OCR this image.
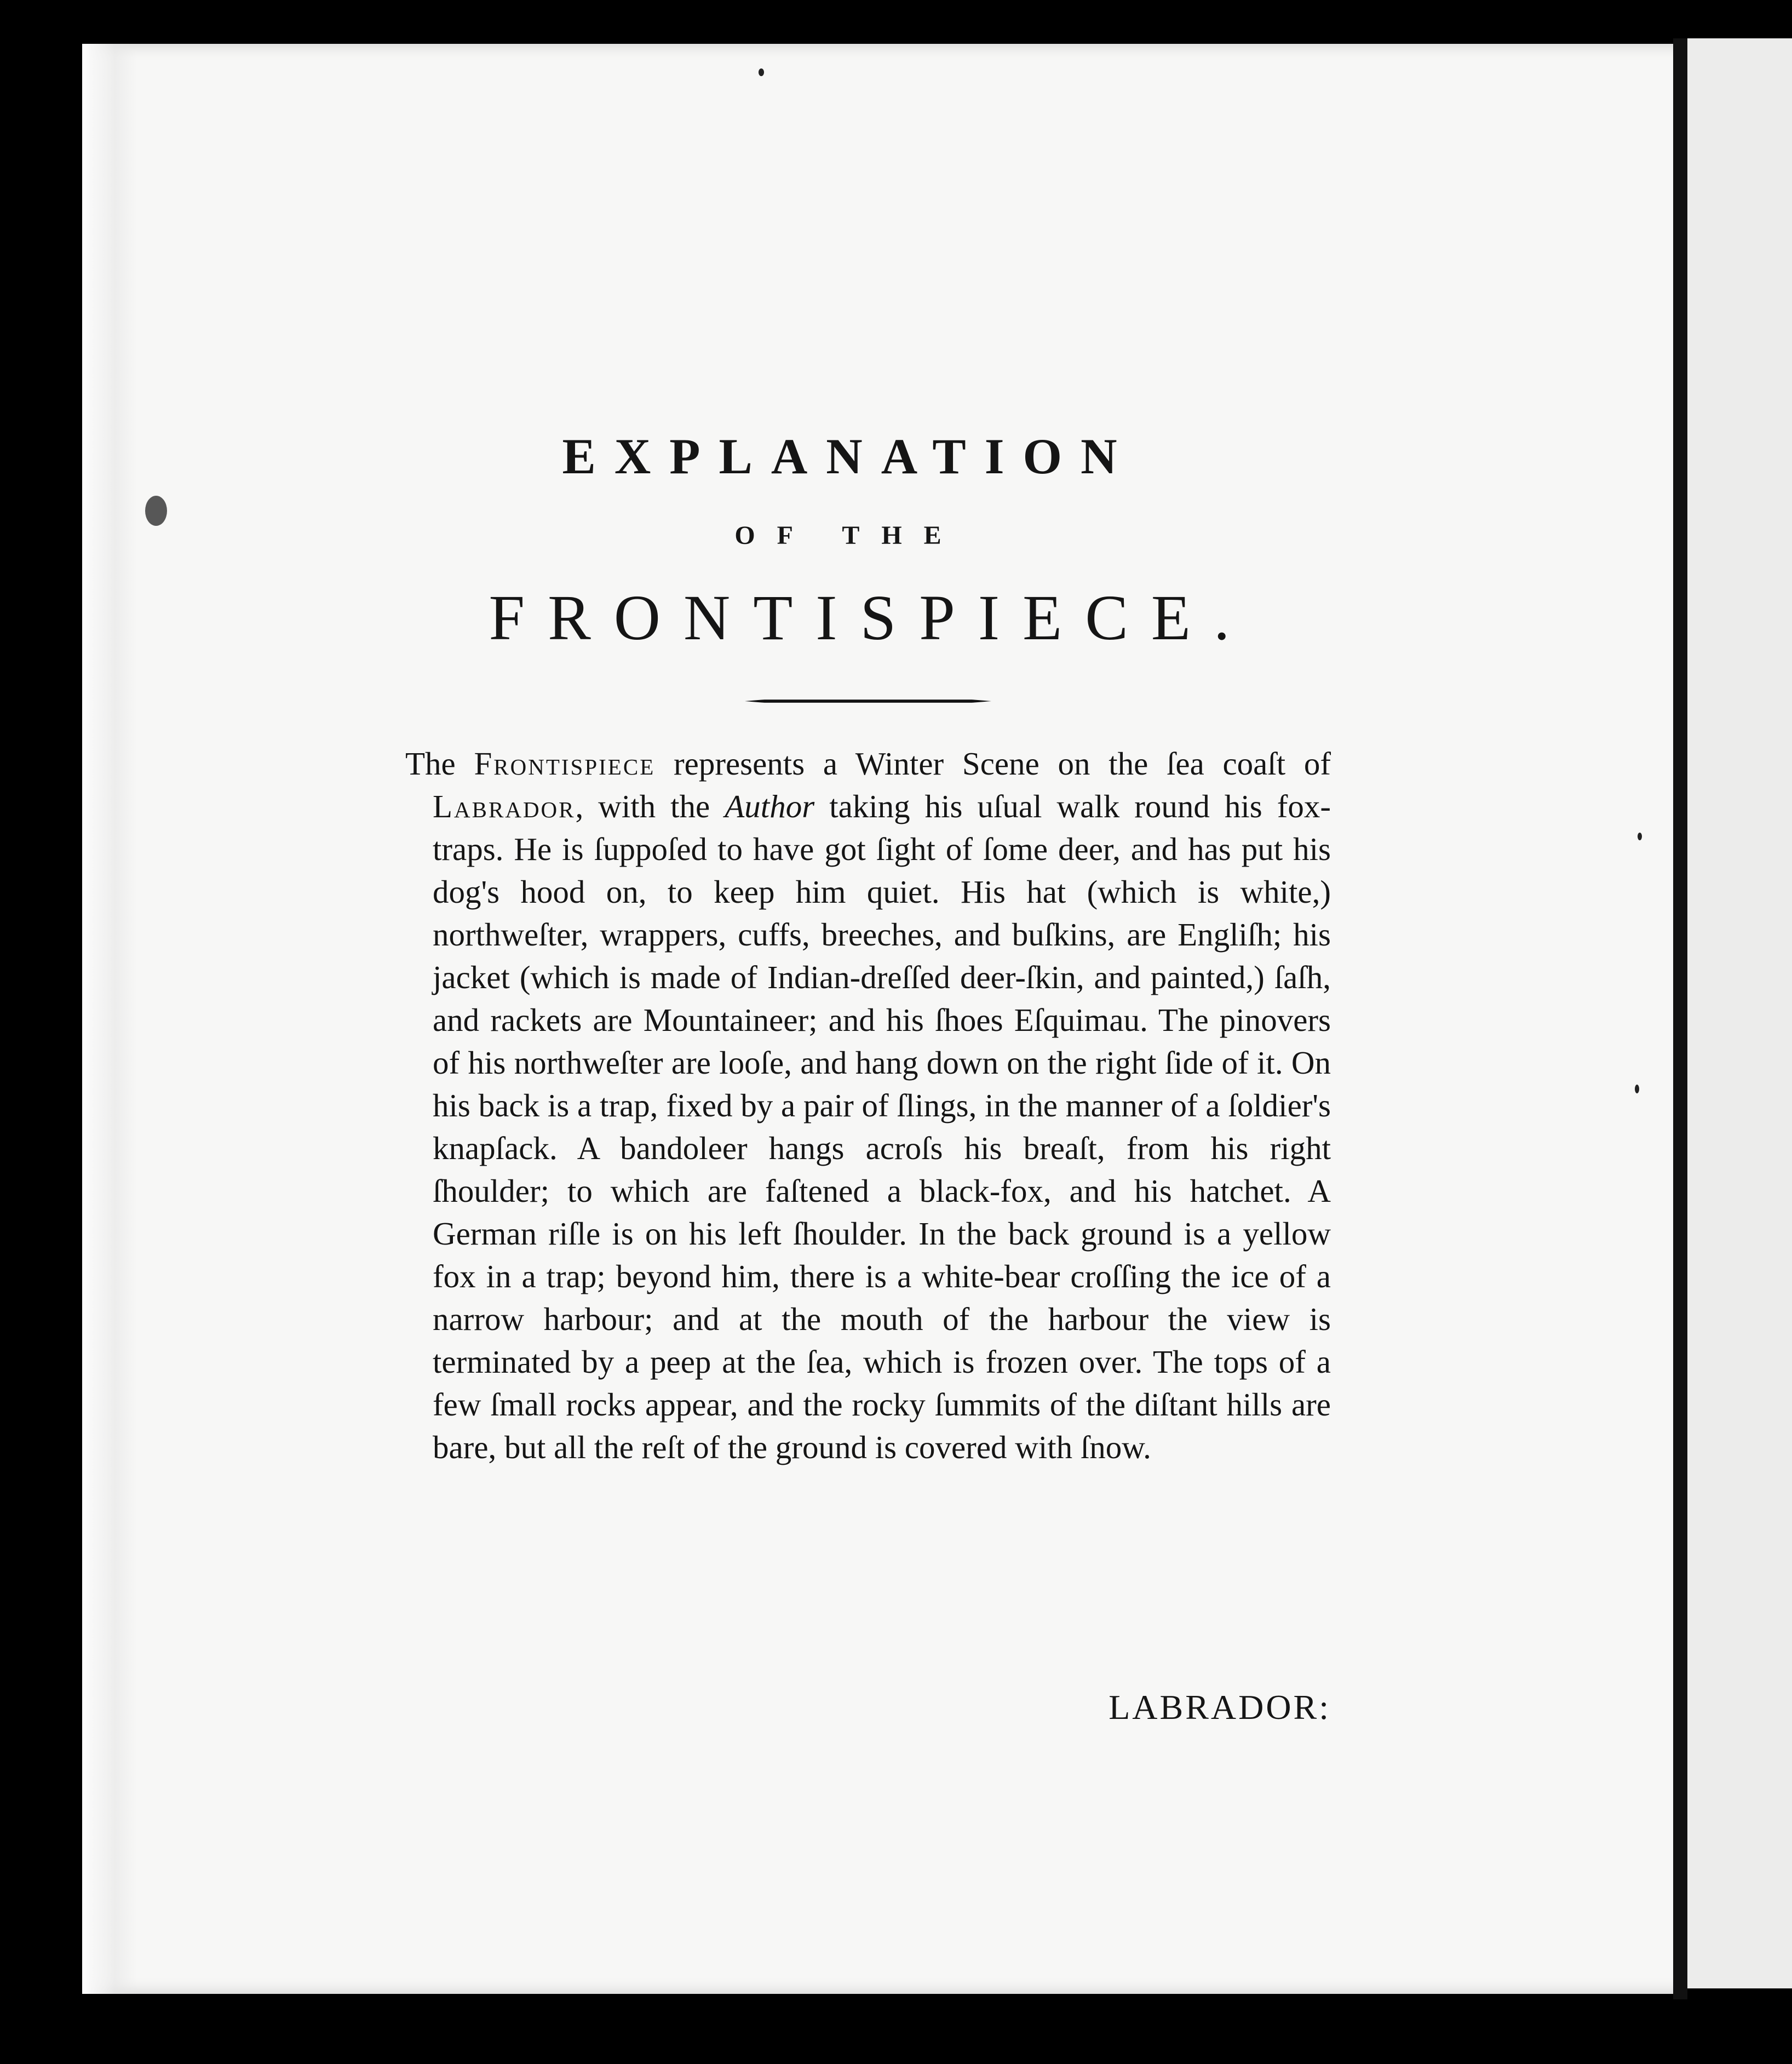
EXPLANATION
OF THE
FRONTISPIECE.

The Frontispiece represents a Winter Scene on the ſea coaſt of Labrador, with the Author taking his uſual walk round his fox-traps. He is ſuppoſed to have got ſight of ſome deer, and has put his dog's hood on, to keep him quiet. His hat (which is white,) northweſter, wrappers, cuffs, breeches, and buſkins, are Engliſh; his jacket (which is made of Indian-dreſſed deer-ſkin, and painted,) ſaſh, and rackets are Mountaineer; and his ſhoes Eſquimau. The pinovers of his northweſter are looſe, and hang down on the right ſide of it. On his back is a trap, fixed by a pair of ſlings, in the manner of a ſoldier's knapſack. A bandoleer hangs acroſs his breaſt, from his right ſhoulder; to which are faſtened a black-fox, and his hatchet. A German riſle is on his left ſhoulder. In the back ground is a yellow fox in a trap; beyond him, there is a white-bear croſſing the ice of a narrow harbour; and at the mouth of the harbour the view is terminated by a peep at the ſea, which is frozen over. The tops of a few ſmall rocks appear, and the rocky ſummits of the diſtant hills are bare, but all the reſt of the ground is covered with ſnow.

LABRADOR:
